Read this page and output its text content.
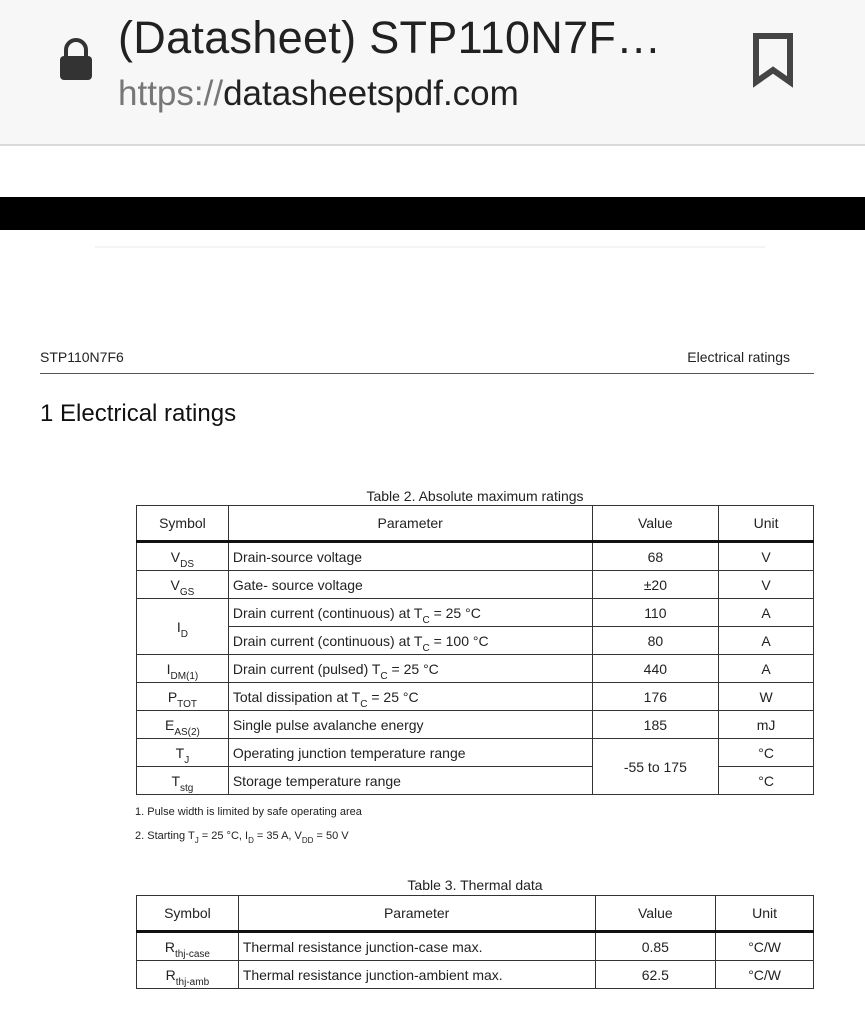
(Datasheet) STP110N7F…
https://datasheetspdf.com
STP110N7F6	Electrical ratings
1 Electrical ratings
Table 2. Absolute maximum ratings
Symbol	Parameter	Value	Unit
$V_{DS}$	Drain-source voltage	68	V
$V_{GS}$	Gate- source voltage	±20	V
$I_D$	Drain current (continuous) at $T_C = 25$ °C	110	A
	Drain current (continuous) at $T_C = 100$ °C	80	A
$I_{DM(1)}$	Drain current (pulsed) $T_C = 25$ °C	440	A
$P_{TOT}$	Total dissipation at $T_C = 25$ °C	176	W
$E_{AS(2)}$	Single pulse avalanche energy	185	mJ
$T_J$	Operating junction temperature range	-55 to 175	°C
$T_{stg}$	Storage temperature range		°C
1. Pulse width is limited by safe operating area
2. Starting $T_J = 25$ °C, $I_D = 35$ A, $V_{DD} = 50$ V
Table 3. Thermal data
Symbol	Parameter	Value	Unit
$R_{thj-case}$	Thermal resistance junction-case max.	0.85	°C/W
$R_{thj-amb}$	Thermal resistance junction-ambient max.	62.5	°C/W
